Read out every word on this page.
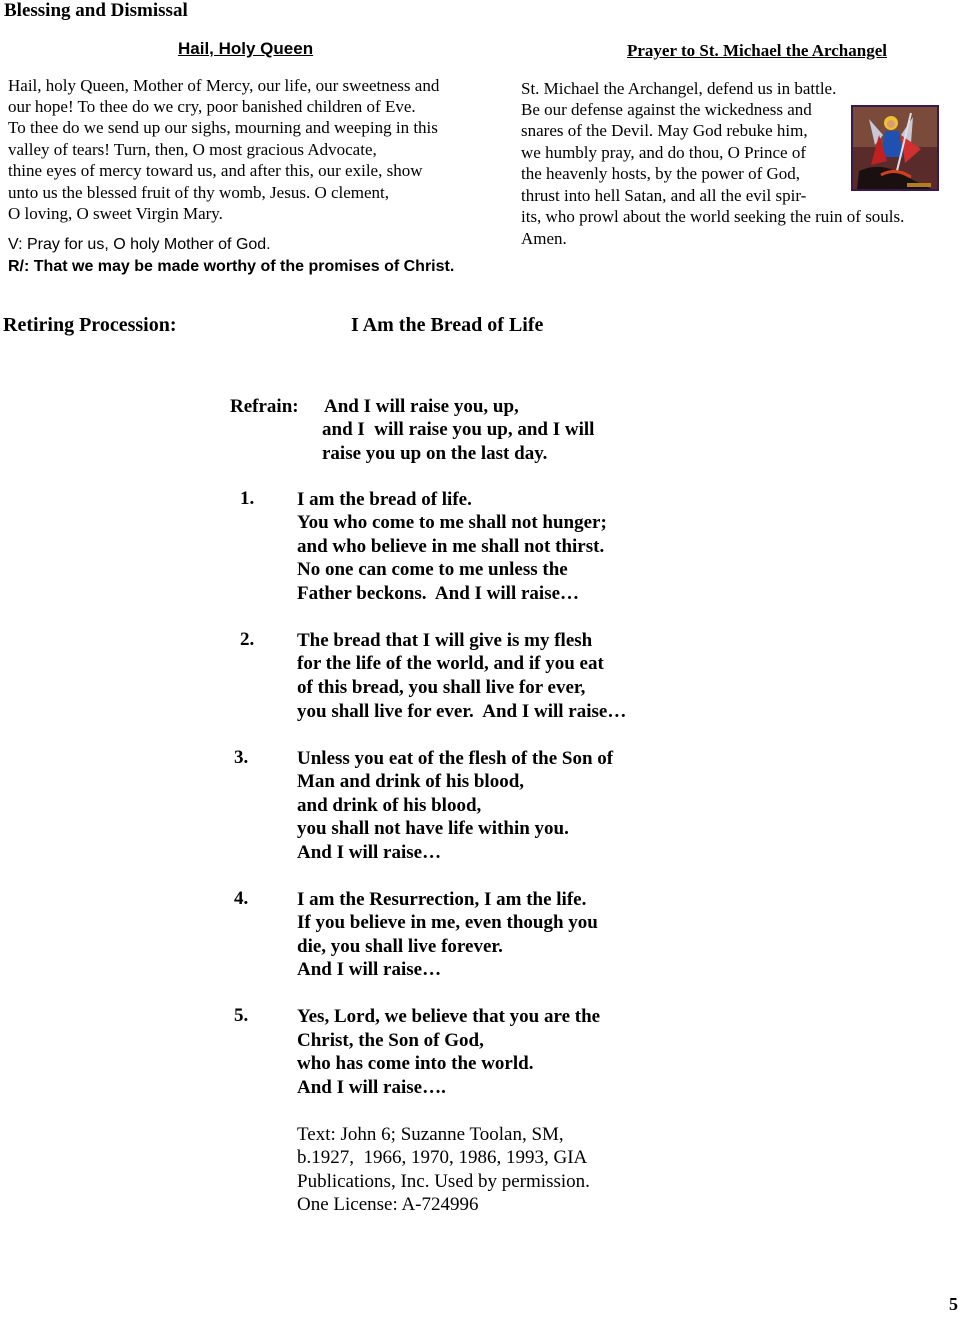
Blessing and Dismissal
Hail, Holy Queen
Hail, holy Queen, Mother of Mercy, our life, our sweetness and
our hope! To thee do we cry, poor banished children of Eve.
To thee do we send up our sighs, mourning and weeping in this
valley of tears! Turn, then, O most gracious Advocate,
thine eyes of mercy toward us, and after this, our exile, show
unto us the blessed fruit of thy womb, Jesus. O clement,
O loving, O sweet Virgin Mary.
V: Pray for us, O holy Mother of God.
R/: That we may be made worthy of the promises of Christ.
Prayer to St. Michael the Archangel
St. Michael the Archangel, defend us in battle.
Be our defense against the wickedness and
snares of the Devil. May God rebuke him,
we humbly pray, and do thou, O Prince of
the heavenly hosts, by the power of God,
thrust into hell Satan, and all the evil spir-
its, who prowl about the world seeking the ruin of souls.
Amen.
Retiring Procession:	I Am the Bread of Life
Refrain: And I will raise you, up,
and I  will raise you up, and I will
raise you up on the last day.
1. I am the bread of life.
You who come to me shall not hunger;
and who believe in me shall not thirst.
No one can come to me unless the
Father beckons.  And I will raise…
2. The bread that I will give is my flesh
for the life of the world, and if you eat
of this bread, you shall live for ever,
you shall live for ever.  And I will raise…
3.	Unless you eat of the flesh of the Son of
Man and drink of his blood,
and drink of his blood,
you shall not have life within you.
And I will raise…
4.	I am the Resurrection, I am the life.
If you believe in me, even though you
die, you shall live forever.
And I will raise…
5.	Yes, Lord, we believe that you are the
Christ, the Son of God,
who has come into the world.
And I will raise….
Text: John 6; Suzanne Toolan, SM,
b.1927,  1966, 1970, 1986, 1993, GIA
Publications, Inc. Used by permission.
One License: A-724996
5
